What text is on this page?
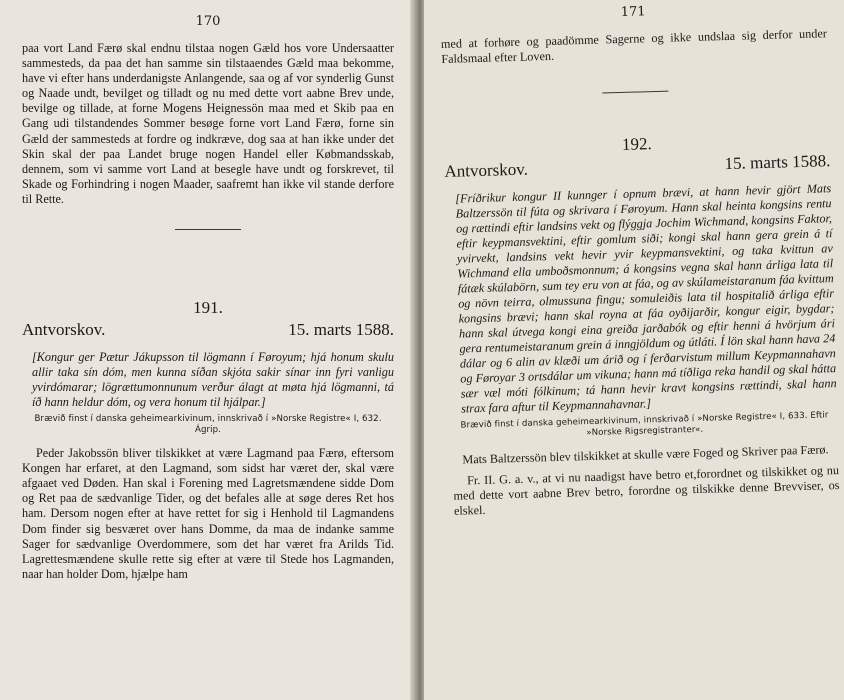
170

paa vort Land Færø skal endnu tilstaa nogen Gæld hos vore Undersaatter sammesteds, da paa det han samme sin tilstaaendes Gæld maa bekomme, have vi efter hans underdanigste Anlangende, saa og af vor synderlig Gunst og Naade undt, bevilget og tilladt og nu med dette vort aabne Brev unde, bevilge og tillade, at forne Mogens Heignessön maa med et Skib paa en Gang udi tilstandendes Sommer besøge forne vort Land Færø, forne sin Gæld der sammesteds at fordre og indkræve, dog saa at han ikke under det Skin skal der paa Landet bruge nogen Handel eller Købmandsskab, dennem, som vi samme vort Land at besegle have undt og forskrevet, til Skade og Forhindring i nogen Maader, saafremt han ikke vil stande derfore til Rette.

191.
Antvorskov.	15. marts 1588.

[Kongur ger Pætur Jákupsson til lögmann í Føroyum; hjá honum skulu allir taka sín dóm, men kunna síðan skjóta sakir sínar inn fyri vanligu yvirdómarar; lögrættumonnunum verður álagt at møta hjá lögmanni, tá íð hann heldur dóm, og vera honum til hjálpar.]

Brævið finst í danska geheimearkivinum, innskrivað í »Norske Registre« I, 632. Ágrip.

Peder Jakobssön bliver tilskikket at være Lagmand paa Færø, eftersom Kongen har erfaret, at den Lagmand, som sidst har været der, skal være afgaaet ved Døden. Han skal i Forening med Lagretsmændene sidde Dom og Ret paa de sædvanlige Tider, og det befales alle at søge deres Ret hos ham. Dersom nogen efter at have rettet for sig i Henhold til Lagmandens Dom finder sig besværet over hans Domme, da maa de indanke samme Sager for sædvanlige Overdommere, som det har været fra Arilds Tid. Lagrettesmændene skulle rette sig efter at være til Stede hos Lagmanden, naar han holder Dom, hjælpe ham

171

med at forhøre og paadömme Sagerne og ikke undslaa sig derfor under Faldsmaal efter Loven.

192.
Antvorskov.	15. marts 1588.

[Fríðrikur kongur II kunnger í opnum brævi, at hann hevir gjört Mats Baltzerssön til fúta og skrivara í Føroyum. Hann skal heinta kongsins rentu og rættindi eftir landsins vekt og flýggja Jochim Wichmand, kongsins Faktor, eftir keypmansvektini, eftir gomlum siði; kongi skal hann gera grein á tí yvirvekt, landsins vekt hevir yvir keypmansvektini, og taka kvittun av Wichmand ella umboðsmonnum; á kongsins vegna skal hann árliga lata til fátæk skúlabörn, sum tey eru von at fáa, og av skúlameistaranum fáa kvittum og növn teirra, olmussuna fingu; somuleiðis lata til hospitalið árliga eftir kongsins brævi; hann skal royna at fáa oyðijarðir, kongur eigir, bygdar; hann skal útvega kongi eina greiða jarðabók og eftir henni á hvörjum ári gera rentumeistaranum grein á inngjöldum og útláti. Í lön skal hann hava 24 dálar og 6 alin av klæði um árið og í ferðarvistum millum Keypmannahavn og Føroyar 3 ortsdálar um vikuna; hann má tíðliga reka handil og skal hátta sær væl móti fólkinum; tá hann hevir kravt kongsins rættindi, skal hann strax fara aftur til Keypmannahavnar.]

Brævið finst í danska geheimearkivinum, innskrivað í »Norske Registre« I, 633. Eftir »Norske Rigsregistranter«.

Mats Baltzerssön blev tilskikket at skulle være Foged og Skriver paa Færø.

Fr. II. G. a. v., at vi nu naadigst have betro et,forordnet og tilskikket og nu med dette vort aabne Brev betro, forordne og tilskikke denne Brevviser, os elskel.
